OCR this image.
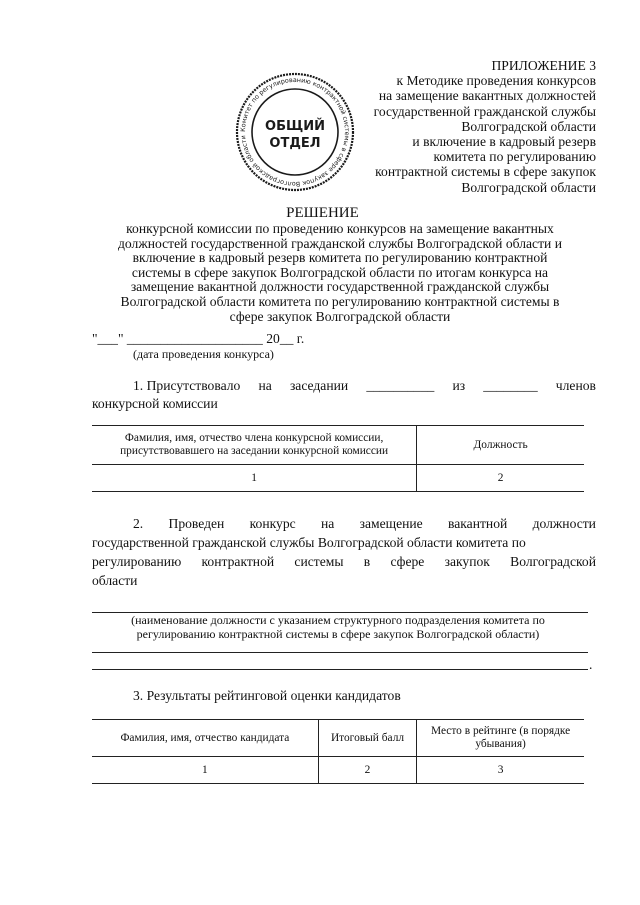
ПРИЛОЖЕНИЕ 3
к Методике проведения конкурсов
на замещение вакантных должностей
государственной гражданской службы
Волгоградской области
и включение в кадровый резерв
комитета по регулированию
контрактной системы в сфере закупок
Волгоградской области
Комитет по регулированию контрактной системы в сфере закупок Волгоградской области
ОБЩИЙ
ОТДЕЛ
РЕШЕНИЕ
конкурсной комиссии по проведению конкурсов на замещение вакантных
должностей государственной гражданской службы Волгоградской области и
включение в кадровый резерв комитета по регулированию контрактной
системы в сфере закупок Волгоградской области по итогам конкурса на
замещение вакантной должности государственной гражданской службы
Волгоградской области комитета по регулированию контрактной системы в
сфере закупок Волгоградской области
"___" ____________________ 20__ г.
(дата проведения конкурса)
1. Присутствовало на заседании __________ из ________ членов
конкурсной комиссии
Фамилия, имя, отчество члена конкурсной комиссии, присутствовавшего на заседании конкурсной комиссии	Должность
1	2
2. Проведен конкурс на замещение вакантной должности
государственной гражданской службы Волгоградской области комитета по
регулированию контрактной системы в сфере закупок Волгоградской
области
(наименование должности с указанием структурного подразделения комитета по
регулированию контрактной системы в сфере закупок Волгоградской области)
.
3. Результаты рейтинговой оценки кандидатов
Фамилия, имя, отчество кандидата	Итоговый балл	Место в рейтинге (в порядке убывания)
1	2	3
